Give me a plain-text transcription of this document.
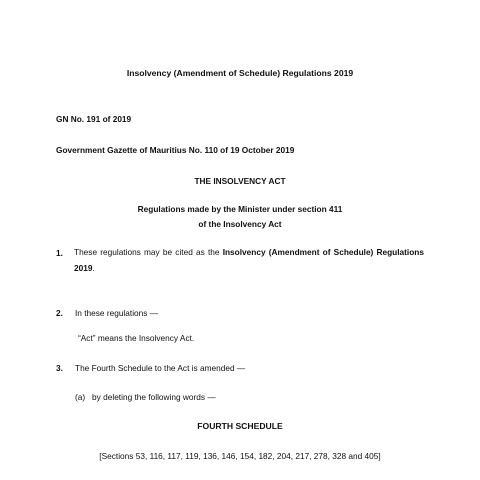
Insolvency (Amendment of Schedule) Regulations 2019
GN No. 191 of 2019
Government Gazette of Mauritius No. 110 of 19 October 2019
THE INSOLVENCY ACT
Regulations made by the Minister under section 411
of the Insolvency Act
1. These regulations may be cited as the Insolvency (Amendment of Schedule) Regulations 2019.
2. In these regulations —
“Act” means the Insolvency Act.
3. The Fourth Schedule to the Act is amended —
(a)   by deleting the following words —
FOURTH SCHEDULE
[Sections 53, 116, 117, 119, 136, 146, 154, 182, 204, 217, 278, 328 and 405]
